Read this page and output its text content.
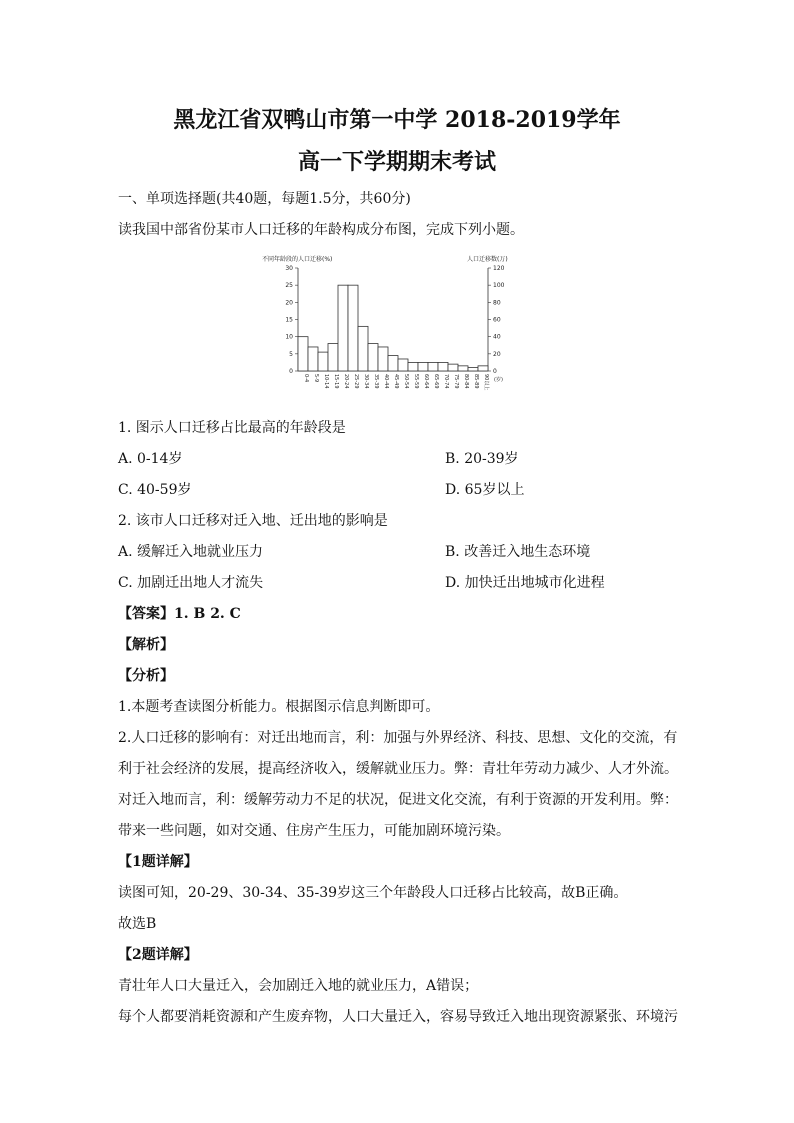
黑龙江省双鸭山市第一中学 2018-2019学年
高一下学期期末考试
一、单项选择题(共40题，每题1.5分，共60分)
读我国中部省份某市人口迁移的年龄构成分布图，完成下列小题。
不同年龄段的人口迁移(%)	人口迁移数(万)
0
5
10
15
20
25
30
0
20
40
60
80
100
120
0-4 5-9 10-14 15-19 20-24 25-29 30-34 35-39 40-44 45-49 50-54 55-59 60-64 65-69 70-74 75-79 80-84 85-89 90以上 (岁)
1. 图示人口迁移占比最高的年龄段是
A. 0-14岁	B. 20-39岁
C. 40-59岁	D. 65岁以上
2. 该市人口迁移对迁入地、迁出地的影响是
A. 缓解迁入地就业压力	B. 改善迁入地生态环境
C. 加剧迁出地人才流失	D. 加快迁出地城市化进程
【答案】1. B 2. C
【解析】
【分析】
1.本题考查读图分析能力。根据图示信息判断即可。
2.人口迁移的影响有：对迁出地而言，利：加强与外界经济、科技、思想、文化的交流，有
利于社会经济的发展，提高经济收入，缓解就业压力。弊：青壮年劳动力减少、人才外流。
对迁入地而言，利：缓解劳动力不足的状况，促进文化交流，有利于资源的开发利用。弊：
带来一些问题，如对交通、住房产生压力，可能加剧环境污染。
【1题详解】
读图可知，20-29、30-34、35-39岁这三个年龄段人口迁移占比较高，故B正确。
故选B
【2题详解】
青壮年人口大量迁入，会加剧迁入地的就业压力，A错误；
每个人都要消耗资源和产生废弃物，人口大量迁入，容易导致迁入地出现资源紧张、环境污
